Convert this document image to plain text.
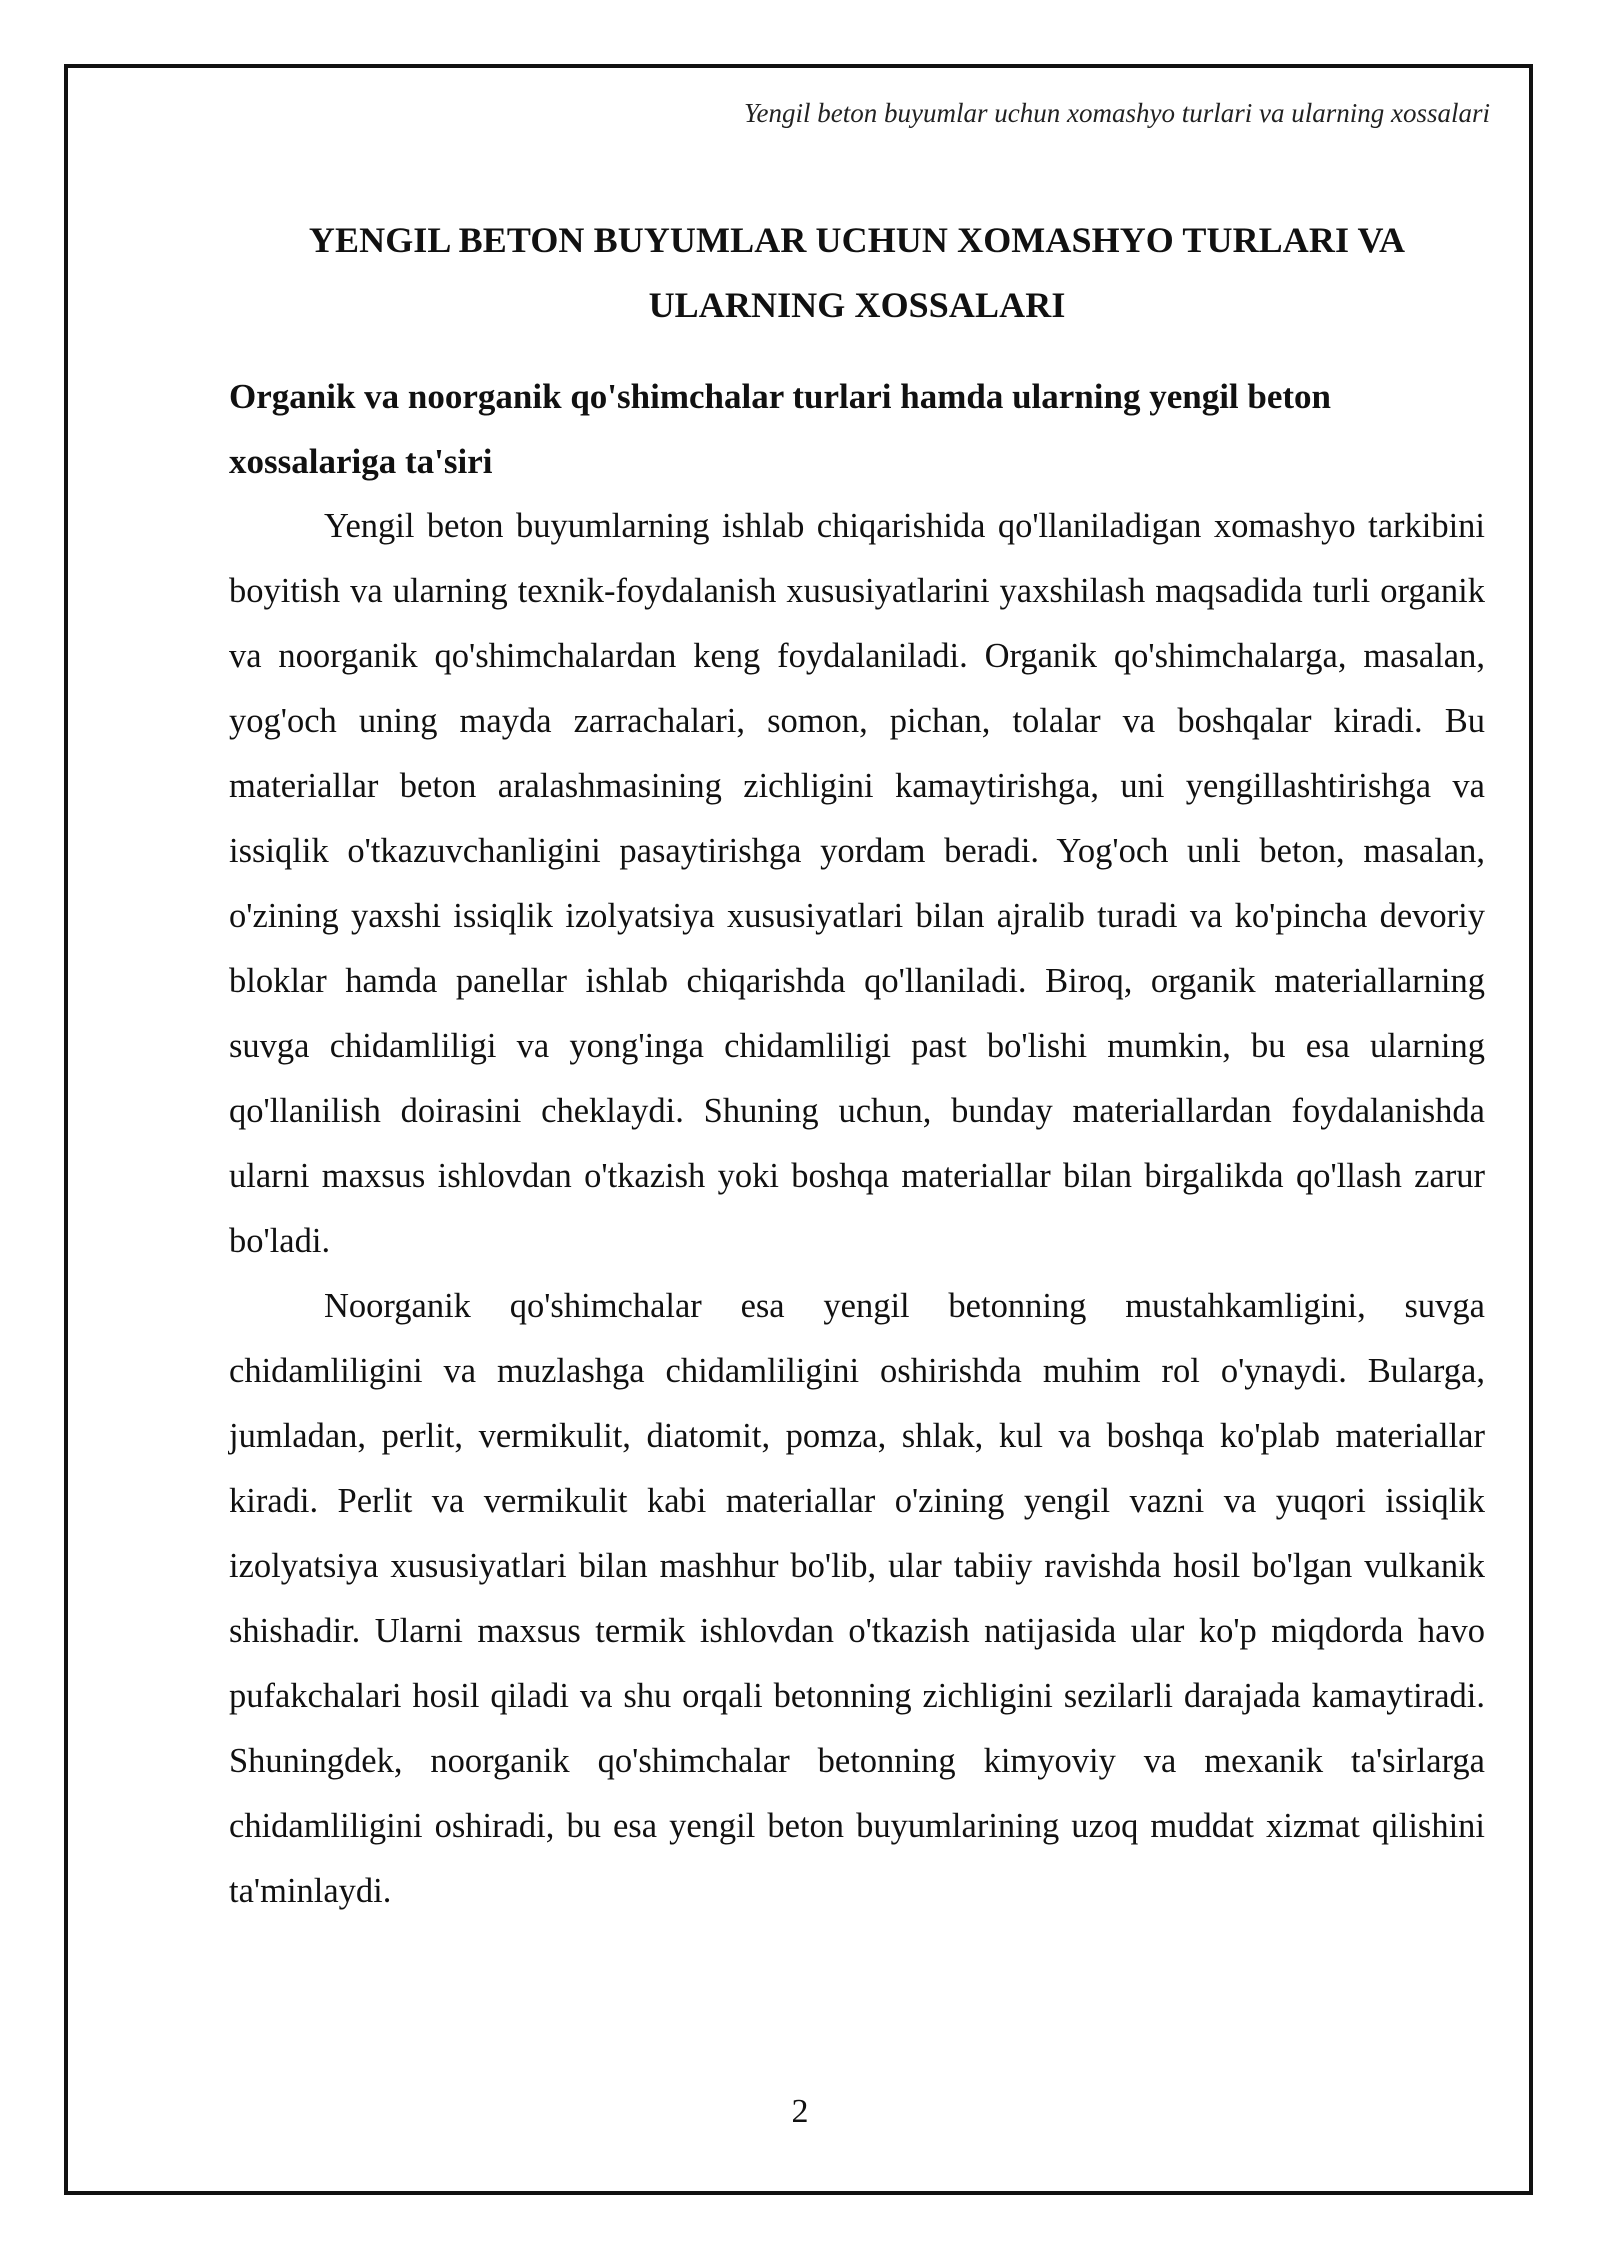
Yengil beton buyumlar uchun xomashyo turlari va ularning xossalari
YENGIL BETON BUYUMLAR UCHUN XOMASHYO TURLARI VA
ULARNING XOSSALARI
Organik va noorganik qo'shimchalar turlari hamda ularning yengil beton xossalariga ta'siri

Yengil beton buyumlarning ishlab chiqarishida qo'llaniladigan xomashyo tarkibini boyitish va ularning texnik-foydalanish xususiyatlarini yaxshilash maqsadida turli organik va noorganik qo'shimchalardan keng foydalaniladi. Organik qo'shimchalarga, masalan, yog'och uning mayda zarrachalari, somon, pichan, tolalar va boshqalar kiradi. Bu materiallar beton aralashmasining zichligini kamaytirishga, uni yengillashtirishga va issiqlik o'tkazuvchanligini pasaytirishga yordam beradi. Yog'och unli beton, masalan, o'zining yaxshi issiqlik izolyatsiya xususiyatlari bilan ajralib turadi va ko'pincha devoriy bloklar hamda panellar ishlab chiqarishda qo'llaniladi. Biroq, organik materiallarning suvga chidamliligi va yong'inga chidamliligi past bo'lishi mumkin, bu esa ularning qo'llanilish doirasini cheklaydi. Shuning uchun, bunday materiallardan foydalanishda ularni maxsus ishlovdan o'tkazish yoki boshqa materiallar bilan birgalikda qo'llash zarur bo'ladi.

Noorganik qo'shimchalar esa yengil betonning mustahkamligini, suvga chidamliligini va muzlashga chidamliligini oshirishda muhim rol o'ynaydi. Bularga, jumladan, perlit, vermikulit, diatomit, pomza, shlak, kul va boshqa ko'plab materiallar kiradi. Perlit va vermikulit kabi materiallar o'zining yengil vazni va yuqori issiqlik izolyatsiya xususiyatlari bilan mashhur bo'lib, ular tabiiy ravishda hosil bo'lgan vulkanik shishadir. Ularni maxsus termik ishlovdan o'tkazish natijasida ular ko'p miqdorda havo pufakchalari hosil qiladi va shu orqali betonning zichligini sezilarli darajada kamaytiradi. Shuningdek, noorganik qo'shimchalar betonning kimyoviy va mexanik ta'sirlarga chidamliligini oshiradi, bu esa yengil beton buyumlarining uzoq muddat xizmat qilishini ta'minlaydi.

2
